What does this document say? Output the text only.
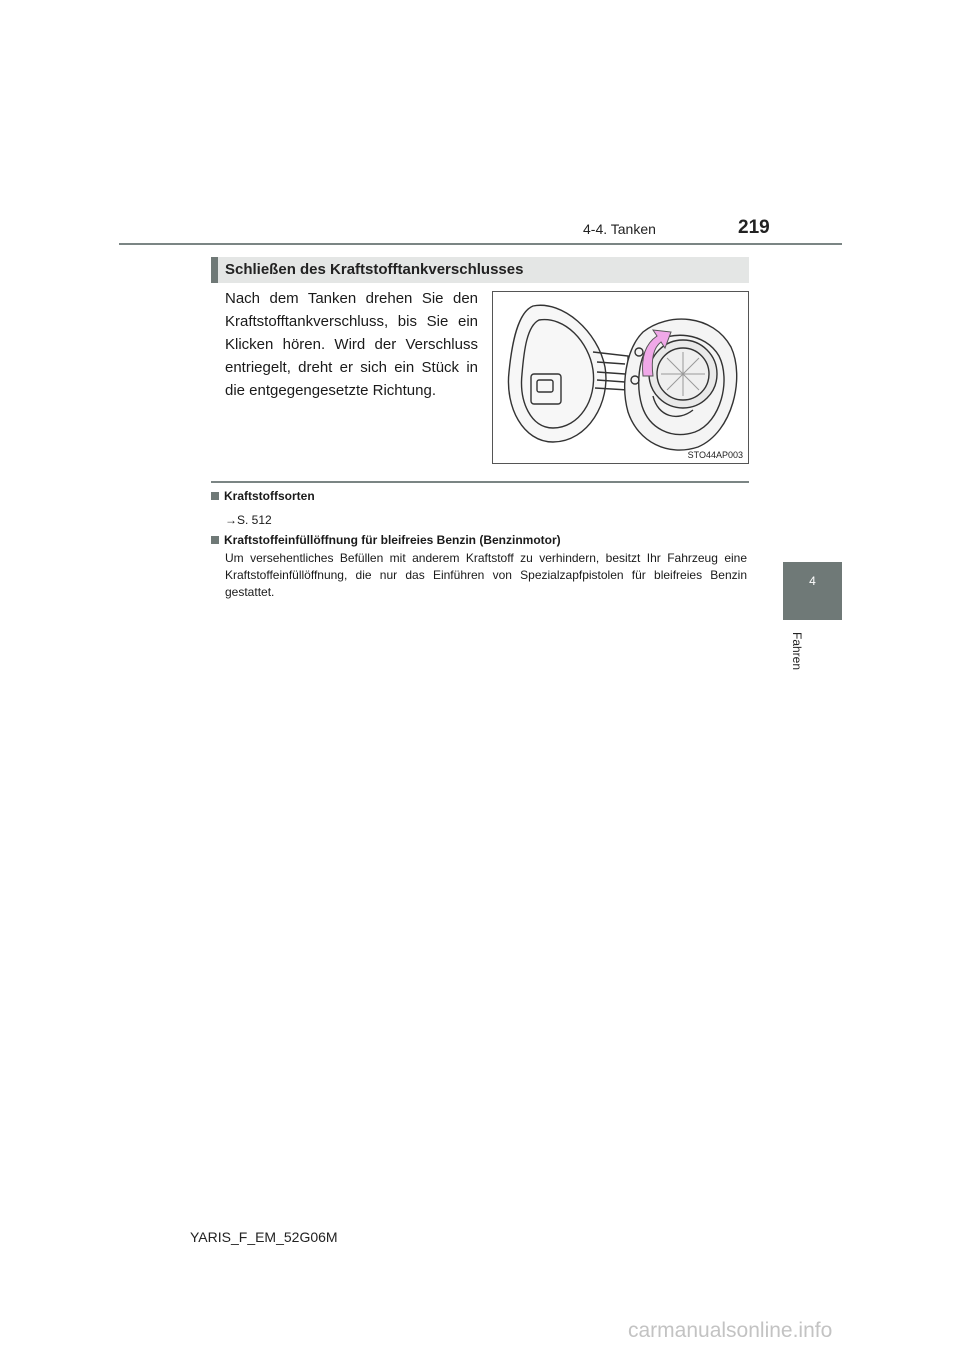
4-4. Tanken	219
4
Fahren
Schließen des Kraftstofftankverschlusses
Nach dem Tanken drehen Sie den Kraftstofftankverschluss, bis Sie ein Klicken hören. Wird der Verschluss entriegelt, dreht er sich ein Stück in die entgegengesetzte Richtung.
STO44AP003
Kraftstoffsorten
→S. 512
Kraftstoffeinfüllöffnung für bleifreies Benzin (Benzinmotor)
Um versehentliches Befüllen mit anderem Kraftstoff zu verhindern, besitzt Ihr Fahrzeug eine Kraftstoffeinfüllöffnung, die nur das Einführen von Spezialzapfpistolen für bleifreies Benzin gestattet.
YARIS_F_EM_52G06M
carmanualsonline.info
